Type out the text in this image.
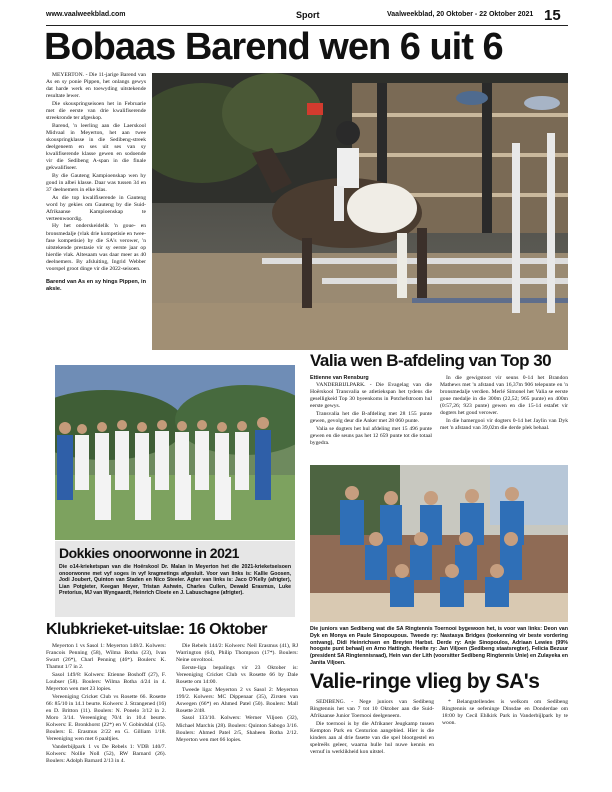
www.vaalweekblad.com	Sport	Vaalweekblad, 20 Oktober - 22 Oktober 2021 15
Bobaas Barend wen 6 uit 6

MEYERTON. - Die 11-jarige Barend van As en sy ponie Pippen, het onlangs gewys dat harde werk en toewyding uitstekende resultate lewer.

Die skouspringseisoen het in Februarie met die eerste van drie kwalifiserende streekronde ter afgeskop.

Barend, 'n leerling aan die Laerskool Midvaal in Meyerton, het aan twee skouspringklasse in die Sedibeng-streek deelgeneem en ses uit ses van sy kwalifiserende klasse gewen en sodoende vir die Sedibeng A-span in die finale gekwalifiseer.

By die Gauteng Kampioenskap wen hy goud in albei klasse. Daar was tussen 34 en 37 deelnemers in elke klas.

As die top kwalifiserende in Gauteng word hy gekies om Gauteng by die Suid-Afrikaanse Kampioenskap te verteenwoordig.

Hy het onderskeidelik 'n goue- en bronsmedalje (vlak drie kompetisie en twee-fase kompetisie) by die SA's verower, 'n uitstekende prestasie vir sy eerste jaar op hierdie vlak. Altesaam was daar meer as 40 deelnemers. By afsluiting, Ingrid Webber voorspel groot dinge vir die 2022-seisoen.

Barend van As en sy hings Pippen, in aksie.
Valia wen B-afdeling van Top 30
Ettienne van Rensburg

VANDERBIJLPARK. - Die Evagelag van die Hoërskool Transvalia se atletiekspan het tydens die geselligkeid Top 30 byeenkoms in Potchefstroom hul eerste gewys.

Transvalia het die B-afdeling met 28 155 punte gewen, gevolg deur die Anker met 28 060 punte.

Valia se dogters het hul afdeling met 15 496 punte gewen en die seuns pas het 12 659 punte tot die totaal bygedra.

In die gewigstoot vir seuns 0-14 het Brandon Mathews met 'n afstand van 16,37m 906 telepunte en 'n bronsmedalje verdien. Merlé Simonel het Valia se eerste goue medalje in die 300m (22,52; 965 punte) en 400m (0:57,26; 923 punte) gewen en die 15-14 estafet vir dogters het goud verower.

In die hamergooi vir dogters 0-14 het Jaylin van Dyk met 'n afstand van 39,02m die derde plek behaal.

Dokkies onoorwonne in 2021
Die o14-krieketspan van die Hoërskool Dr. Malan in Meyerton het die 2021-krieketseisoen onoorwonne met vyf soges in vyf kragmetings afgesluit. Voor van links is: Kallie Goosen, Jodi Joubert, Quinton van Staden en Nico Steeler. Agter van links is: Jaco O'Kelly (afrigter), Lian Potgieter, Keegan Meyer, Tristan Ashwin, Charles Cullen, Dewald Erasmus, Luke Pretorius, MJ van Wyngaardt, Heinrich Cloete en J. Labuschagne (afrigter).
Die juniors van Sedibeng wat die SA Ringtennis Toernooi bygewoon het, is voor van links: Deon van Dyk en Monya en Paule Sinopoupous. Tweede ry: Nastasya Bridges (toekenning vir beste vordering ontvang), Didi Heinrichsen en Breyten Harbst. Derde ry: Anje Sinopoulos, Adriaan Lewies (99% hoogste punt behaal) en Arno Hattingh. Heelte ry: Jan Viljoen (Sedibeng staatsregter), Felicia Bezuur (president SA Ringtennisraad), Hein van der Lith (voorsitter Sedibeng Ringtennis Unie) en Zulayeka en Janita Viljoen.
Valie-ringe vlieg by SA's

SEDIBENG. - Nege juniors van Sedibeng Ringtennis het van 7 tot 10 Oktober aan die Suid-Afrikaanse Junior Toernooi deelgeneem.

Die toernooi is by die Afrikaner Jeugkamp tussen Kempton Park en Centurion aangebied. Hier is die kinders aan al drie fasette van die spel blootgestel en spelreëls geleer, waarna hulle hul nuwe kennis en vernuf in werklikheid kon uitstel.

* Belangstellendes is welkom om Sedibeng Ringtennis se oefeninge Dinsdae en Donderdae om 18:00 by Cecil Ehlkirk Park in Vanderbijlpark by te woon.

Klubkrieket-uitslae: 16 Oktober

Meyerton 1 vs Sasol 1: Meyerton 148/2. Kolwers: Francois Penning (58), Wilma Botha (23), Ivan Swart (26*), Charl Penning (46*). Boulers: K. Thamut 1/7 in 2.

Sasol 149/8: Kolwers: Etienne Boshoff (27), F. Loubser (58). Boulers: Wilma Botha 4/24 in 4. Meyerton wen met 23 lopies.

Vereeniging Cricket Club vs Rosette 66. Rosette 66: 85/10 in 14.1 beurte. Kolwers: J. Strangened (16) en D. Britton (11). Boulers: N. Ponelo 3/12 in 2. Moro 3/14. Vereeniging 70/4 in 10.4 beurte. Kolwers: E. Bronkhorst (22*) en V. Gobindslal (15). Boulers: E. Erasmus 2/22 en G. Gilliam 1/18. Vereeniging wen met 6 paaltjies.

Vanderbijlpark 1 vs De Rebels 1: VDB 140/7. Kolwers: Nollie Noll (52), RW Barnard (26). Boulers: Adolph Barnard 2/13 in 4.

Die Rebels 144/2: Kolwers: Neil Erasmus (41), RJ Warrington (64), Philip Thompson (17*). Boulers: Neine onvoltooi.

Eerste-liga bepalings vir 23 Oktober is: Vereeniging Cricket Club vs Rosette 66 by Dale Rosette om 14:00.

Tweede liga: Meyerton 2 vs Sasol 2: Meyerton 199/2. Kolwers: MC Dippenaar (35), Zirsten van Aswegen (66*) en Ahmed Patel (50). Boulers: Mall Rosette 2/48.

Sasol 133/10. Kolwers: Werner Viljoen (32), Michael Marchis (28). Boulers: Quinton Sabogo 3/16. Boulers: Ahmed Patel 2/5, Shaheen Botha 2/12. Meyerton wen met 66 lopies.
